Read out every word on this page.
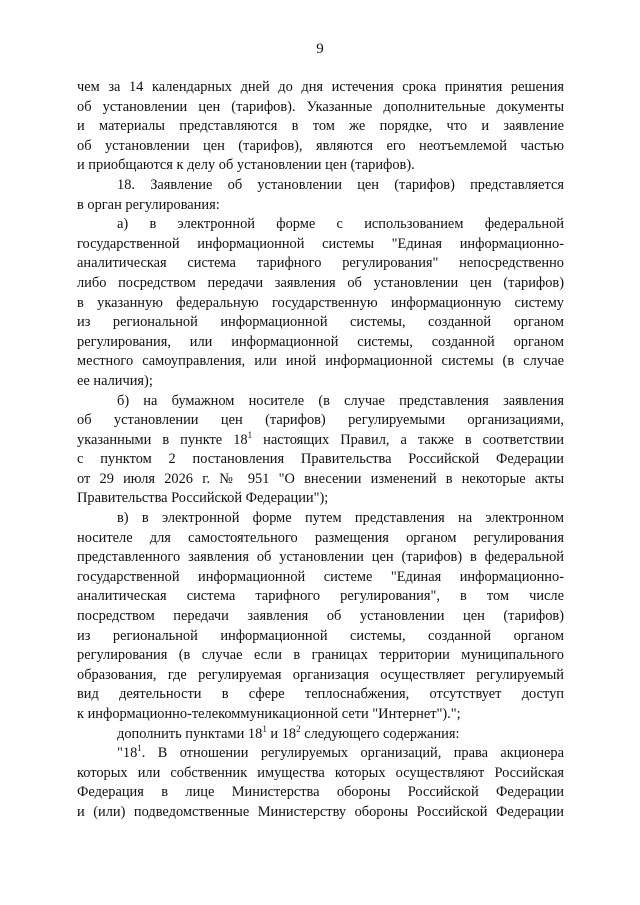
9
чем за 14 календарных дней до дня истечения срока принятия решения
об установлении цен (тарифов). Указанные дополнительные документы
и материалы представляются в том же порядке, что и заявление
об установлении цен (тарифов), являются его неотъемлемой частью
и приобщаются к делу об установлении цен (тарифов).
18. Заявление об установлении цен (тарифов) представляется
в орган регулирования:
а) в электронной форме с использованием федеральной
государственной информационной системы "Единая информационно-
аналитическая система тарифного регулирования" непосредственно
либо посредством передачи заявления об установлении цен (тарифов)
в указанную федеральную государственную информационную систему
из региональной информационной системы, созданной органом
регулирования, или информационной системы, созданной органом
местного самоуправления, или иной информационной системы (в случае
ее наличия);
б) на бумажном носителе (в случае представления заявления
об установлении цен (тарифов) регулируемыми организациями,
указанными в пункте $18^1$ настоящих Правил, а также в соответствии
с пунктом 2 постановления Правительства Российской Федерации
от 29 июля 2026 г. № 951 "О внесении изменений в некоторые акты
Правительства Российской Федерации");
в) в электронной форме путем представления на электронном
носителе для самостоятельного размещения органом регулирования
представленного заявления об установлении цен (тарифов) в федеральной
государственной информационной системе "Единая информационно-
аналитическая система тарифного регулирования", в том числе
посредством передачи заявления об установлении цен (тарифов)
из региональной информационной системы, созданной органом
регулирования (в случае если в границах территории муниципального
образования, где регулируемая организация осуществляет регулируемый
вид деятельности в сфере теплоснабжения, отсутствует доступ
к информационно-телекоммуникационной сети "Интернет").";
дополнить пунктами $18^1$ и $18^2$ следующего содержания:
"$18^1$. В отношении регулируемых организаций, права акционера
которых или собственник имущества которых осуществляют Российская
Федерация в лице Министерства обороны Российской Федерации
и (или) подведомственные Министерству обороны Российской Федерации
